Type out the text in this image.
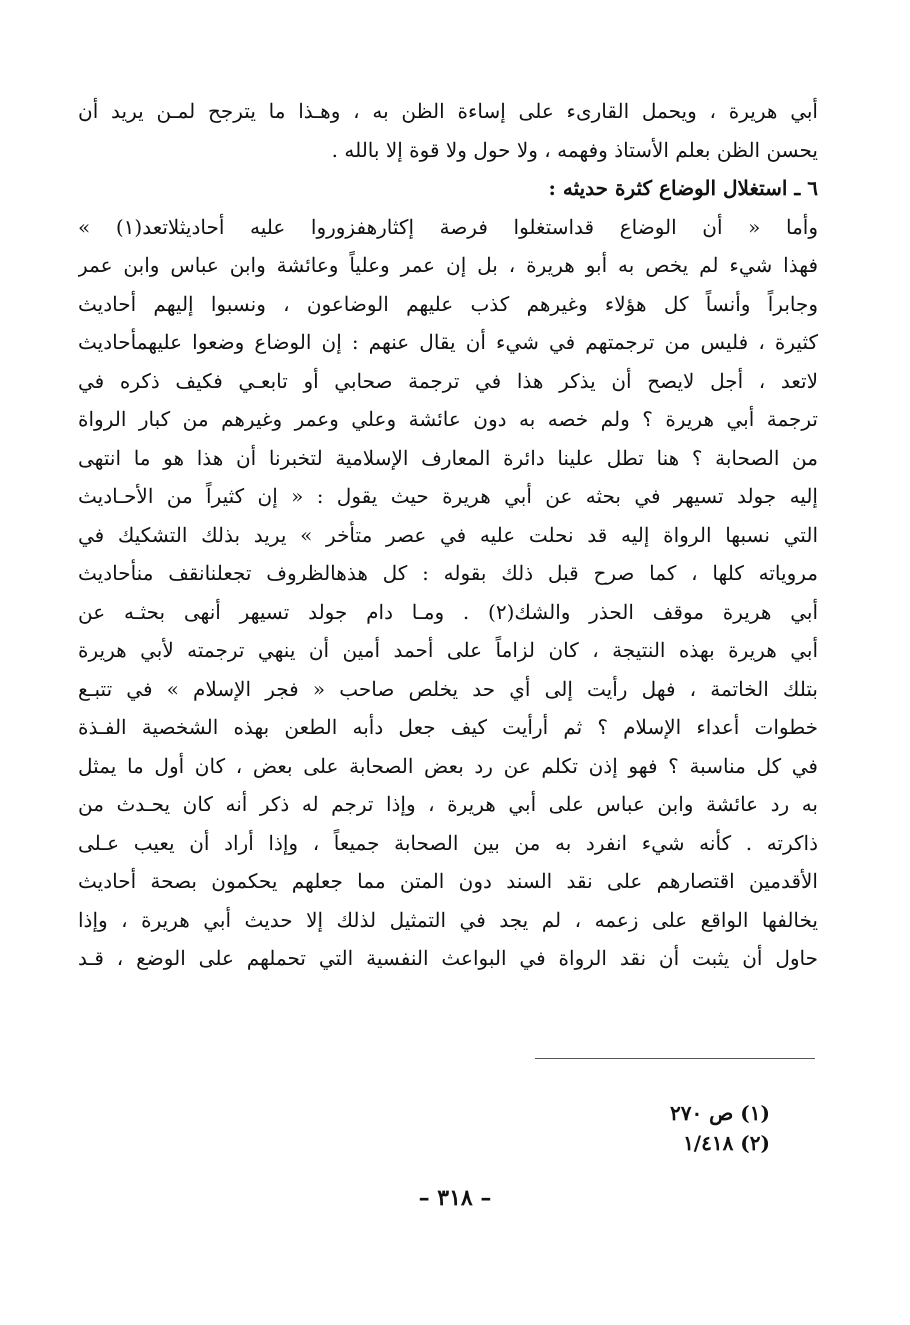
أبي هريرة ، ويحمل القارىء على إساءة الظن به ، وهـذا ما يترجح لمـن يريد أن
يحسن الظن بعلم الأستاذ وفهمه ، ولا حول ولا قوة إلا بالله .
٦ ـ استغلال الوضاع كثرة حديثه :
وأما « أن الوضاع قداستغلوا فرصة إكثارهفزوروا عليه أحاديثلاتعد(١) »
فهذا شيء لم يخص به أبو هريرة ، بل إن عمر وعلياً وعائشة وابن عباس وابن عمر
وجابراً وأنساً كل هؤلاء وغيرهم كذب عليهم الوضاعون ، ونسبوا إليهم أحاديث
كثيرة ، فليس من ترجمتهم في شيء أن يقال عنهم : إن الوضاع وضعوا عليهمأحاديث
لاتعد ، أجل لايصح أن يذكر هذا في ترجمة صحابي أو تابعـي فكيف ذكره في
ترجمة أبي هريرة ؟ ولم خصه به دون عائشة وعلي وعمر وغيرهم من كبار الرواة
من الصحابة ؟ هنا تطل علينا دائرة المعارف الإسلامية لتخبرنا أن هذا هو ما انتهى
إليه جولد تسيهر في بحثه عن أبي هريرة حيث يقول : « إن كثيراً من الأحـاديث
التي نسبها الرواة إليه قد نحلت عليه في عصر متأخر » يريد بذلك التشكيك في
مروياته كلها ، كما صرح قبل ذلك بقوله : كل هذهالظروف تجعلنانقف منأحاديث
أبي هريرة موقف الحذر والشك(٢) . ومـا دام جولد تسيهر أنهى بحثـه عن
أبي هريرة بهذه النتيجة ، كان لزاماً على أحمد أمين أن ينهي ترجمته لأبي هريرة
بتلك الخاتمة ، فهل رأيت إلى أي حد يخلص صاحب « فجر الإسلام » في تتبـع
خطوات أعداء الإسلام ؟ ثم أرأيت كيف جعل دأبه الطعن بهذه الشخصية الفـذة
في كل مناسبة ؟ فهو إذن تكلم عن رد بعض الصحابة على بعض ، كان أول ما يمثل
به رد عائشة وابن عباس على أبي هريرة ، وإذا ترجم له ذكر أنه كان يحـدث من
ذاكرته . كأنه شيء انفرد به من بين الصحابة جميعاً ، وإذا أراد أن يعيب عـلى
الأقدمين اقتصارهم على نقد السند دون المتن مما جعلهم يحكمون بصحة أحاديث
يخالفها الواقع على زعمه ، لم يجد في التمثيل لذلك إلا حديث أبي هريرة ، وإذا
حاول أن يثبت أن نقد الرواة في البواعث النفسية التي تحملهم على الوضع ، قـد
(١) ص ٢٧٠
(٢) ١/٤١٨
– ٣١٨ –
